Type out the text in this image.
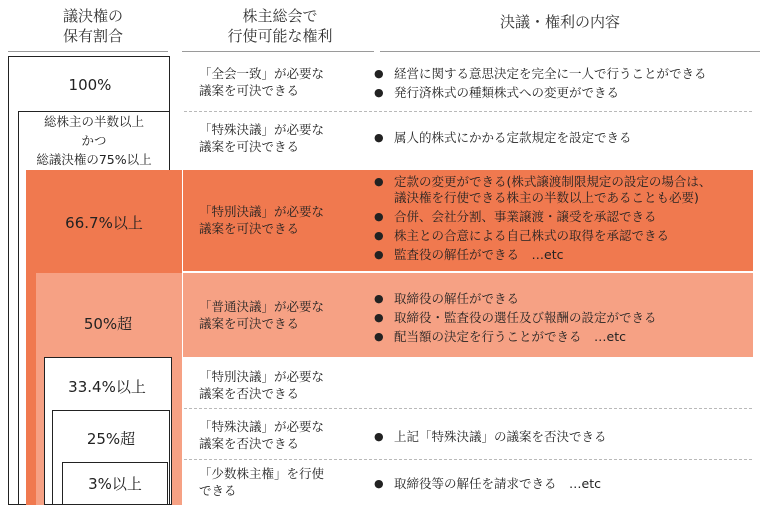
議決権の
保有割合
株主総会で
行使可能な権利
決議・権利の内容
100%
総株主の半数以上
かつ
総議決権の75%以上
66.7%以上
50%超
33.4%以上
25%超
3%以上
「全会一致」が必要な
議案を可決できる
「特殊決議」が必要な
議案を可決できる
「特別決議」が必要な
議案を可決できる
「普通決議」が必要な
議案を可決できる
「特別決議」が必要な
議案を否決できる
「特殊決議」が必要な
議案を否決できる
「少数株主権」を行使
できる
● 経営に関する意思決定を完全に一人で行うことができる
● 発行済株式の種類株式への変更ができる
● 属人的株式にかかる定款規定を設定できる
● 定款の変更ができる(株式譲渡制限規定の設定の場合は、
議決権を行使できる株主の半数以上であることも必要)
● 合併、会社分割、事業譲渡・譲受を承認できる
● 株主との合意による自己株式の取得を承認できる
● 監査役の解任ができる　…etc
● 取締役の解任ができる
● 取締役・監査役の選任及び報酬の設定ができる
● 配当額の決定を行うことができる　…etc
● 上記「特殊決議」の議案を否決できる
● 取締役等の解任を請求できる　…etc
